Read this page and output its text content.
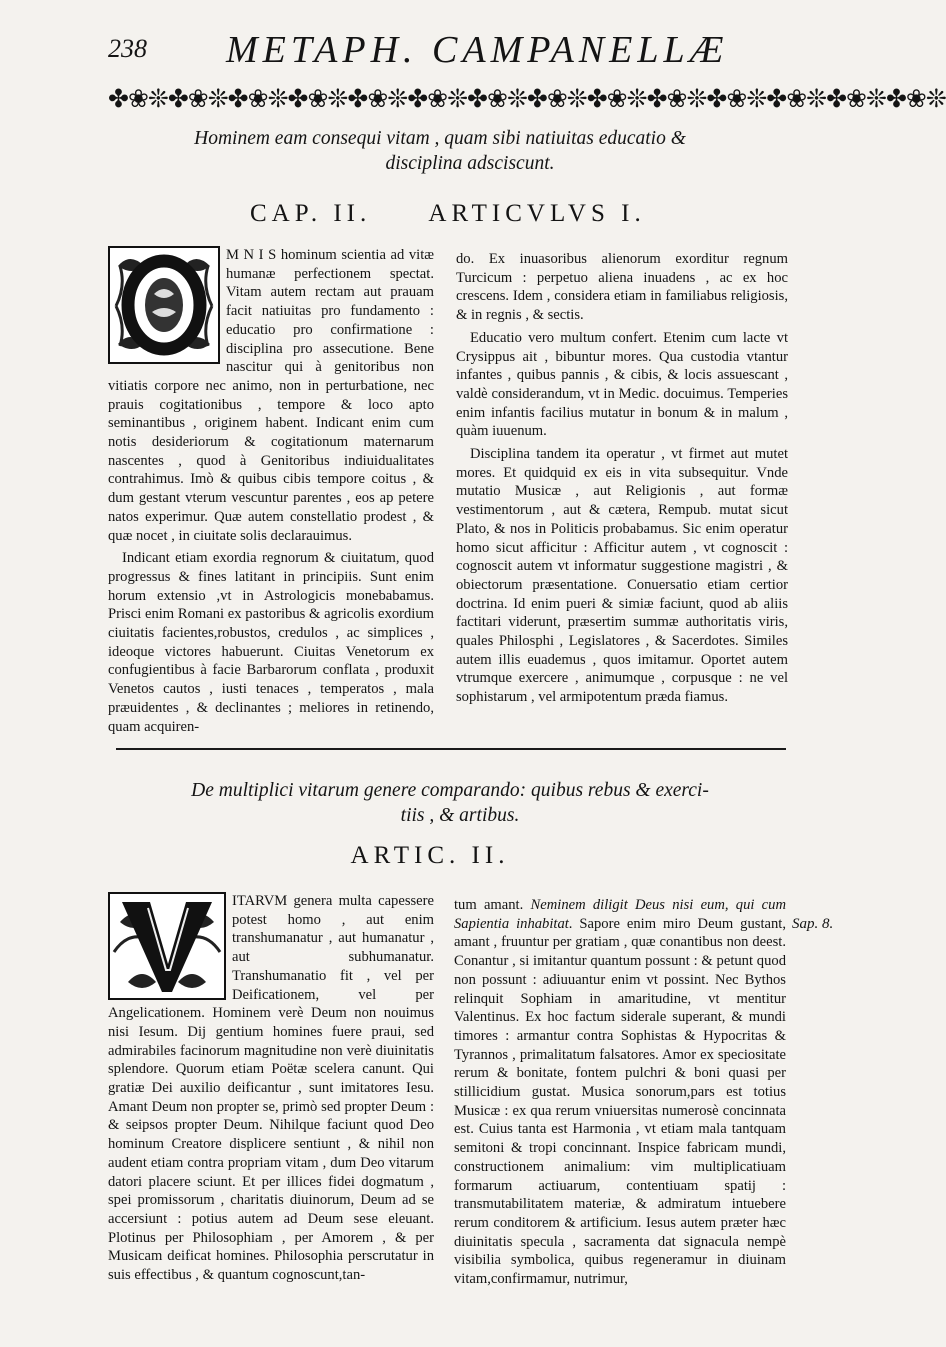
238 METAPH. CAMPANELLÆ
✤❀❊✤❀❊✤❀❊✤❀❊✤❀❊✤❀❊✤❀❊✤❀❊✤❀❊✤❀❊✤❀❊✤❀❊✤❀❊✤❀❊
Hominem eam consequi vitam , quam sibi natiuitas educatio &
disciplina adsciscunt.
CAP. II. ARTICVLVS I.

M N I S hominum scientia ad vitæ humanæ perfectionem spectat. Vitam autem rectam aut prauam facit natiuitas pro fundamento : educatio pro confirmatione : disciplina pro assecutione. Bene nascitur qui à genitoribus non vitiatis corpore nec animo, non in perturbatione, nec prauis cogitationibus , tempore & loco apto seminantibus , originem habent. Indicant enim cum notis desideriorum & cogitationum maternarum nascentes , quod à Genitoribus indiuidualitates contrahimus. Imò & quibus cibis tempore coitus , & dum gestant vterum vescuntur parentes , eos ap petere natos experimur. Quæ autem constellatio prodest , & quæ nocet , in ciuitate solis declarauimus.

Indicant etiam exordia regnorum & ciuitatum, quod progressus & fines latitant in principiis. Sunt enim horum extensio ,vt in Astrologicis monebabamus. Prisci enim Romani ex pastoribus & agricolis exordium ciuitatis facientes,robustos, credulos , ac simplices , ideoque victores habuerunt. Ciuitas Venetorum ex confugientibus à facie Barbarorum conflata , produxit Venetos cautos , iusti tenaces , temperatos , mala præuidentes , & declinantes ; meliores in retinendo, quam acquiren-

do. Ex inuasoribus alienorum exorditur regnum Turcicum : perpetuo aliena inuadens , ac ex hoc crescens. Idem , considera etiam in familiabus religiosis, & in regnis , & sectis.

Educatio vero multum confert. Etenim cum lacte vt Crysippus ait , bibuntur mores. Qua custodia vtantur infantes , quibus pannis , & cibis, & locis assuescant , valdè considerandum, vt in Medic. docuimus. Temperies enim infantis facilius mutatur in bonum & in malum , quàm iuuenum.

Disciplina tandem ita operatur , vt firmet aut mutet mores. Et quidquid ex eis in vita subsequitur. Vnde mutatio Musicæ , aut Religionis , aut formæ vestimentorum , aut & cætera, Rempub. mutat sicut Plato, & nos in Politicis probabamus. Sic enim operatur homo sicut afficitur : Afficitur autem , vt cognoscit : cognoscit autem vt informatur suggestione magistri , & obiectorum præsentatione. Conuersatio etiam certior doctrina. Id enim pueri & simiæ faciunt, quod ab aliis factitari viderunt, præsertim summæ authoritatis viris, quales Philosphi , Legislatores , & Sacerdotes. Similes autem illis euademus , quos imitamur. Oportet autem vtrumque exercere , animumque , corpusque : ne vel sophistarum , vel armipotentum præda fiamus.

De multiplici vitarum genere comparando: quibus rebus & exerci-
tiis , & artibus.
ARTIC. II.

ITARVM genera multa capessere potest homo , aut enim transhumanatur , aut humanatur , aut subhumanatur. Transhumanatio fit , vel per Deificationem, vel per Angelicationem. Hominem verè Deum non nouimus nisi Iesum. Dij gentium homines fuere praui, sed admirabiles facinorum magnitudine non verè diuinitatis splendore. Quorum etiam Poëtæ scelera canunt. Qui gratiæ Dei auxilio deificantur , sunt imitatores Iesu. Amant Deum non propter se, primò sed propter Deum : & seipsos propter Deum. Nihilque faciunt quod Deo hominum Creatore displicere sentiunt , & nihil non audent etiam contra propriam vitam , dum Deo vitarum datori placere sciunt. Et per illices fidei dogmatum , spei promissorum , charitatis diuinorum, Deum ad se accersiunt : potius autem ad Deum sese eleuant. Plotinus per Philosophiam , per Amorem , & per Musicam deificat homines. Philosophia perscrutatur in suis effectibus , & quantum cognoscunt,tan-

tum amant. Neminem diligit Deus nisi eum, qui cum Sapientia inhabitat. Sapore enim miro Deum gustant, amant , fruuntur per gratiam , quæ conantibus non deest. Conantur , si imitantur quantum possunt : & petunt quod non possunt : adiuuantur enim vt possint. Nec Bythos relinquit Sophiam in amaritudine, vt mentitur Valentinus. Ex hoc factum siderale superant, & mundi timores : armantur contra Sophistas & Hypocritas & Tyrannos , primalitatum falsatores. Amor ex speciositate rerum & bonitate, fontem pulchri & boni quasi per stillicidium gustat. Musica sonorum,pars est totius Musicæ : ex qua rerum vniuersitas numerosè concinnata est. Cuius tanta est Harmonia , vt etiam mala tantquam semitoni & tropi concinnant. Inspice fabricam mundi, constructionem animalium: vim multiplicatiuam formarum actiuarum, contentiuam spatij : transmutabilitatem materiæ, & admiratum intuebere rerum conditorem & artificium. Iesus autem præter hæc diuinitatis specula , sacramenta dat signacula nempè visibilia symbolica, quibus regeneramur in diuinam vitam,confirmamur, nutrimur,

Sap. 8.
